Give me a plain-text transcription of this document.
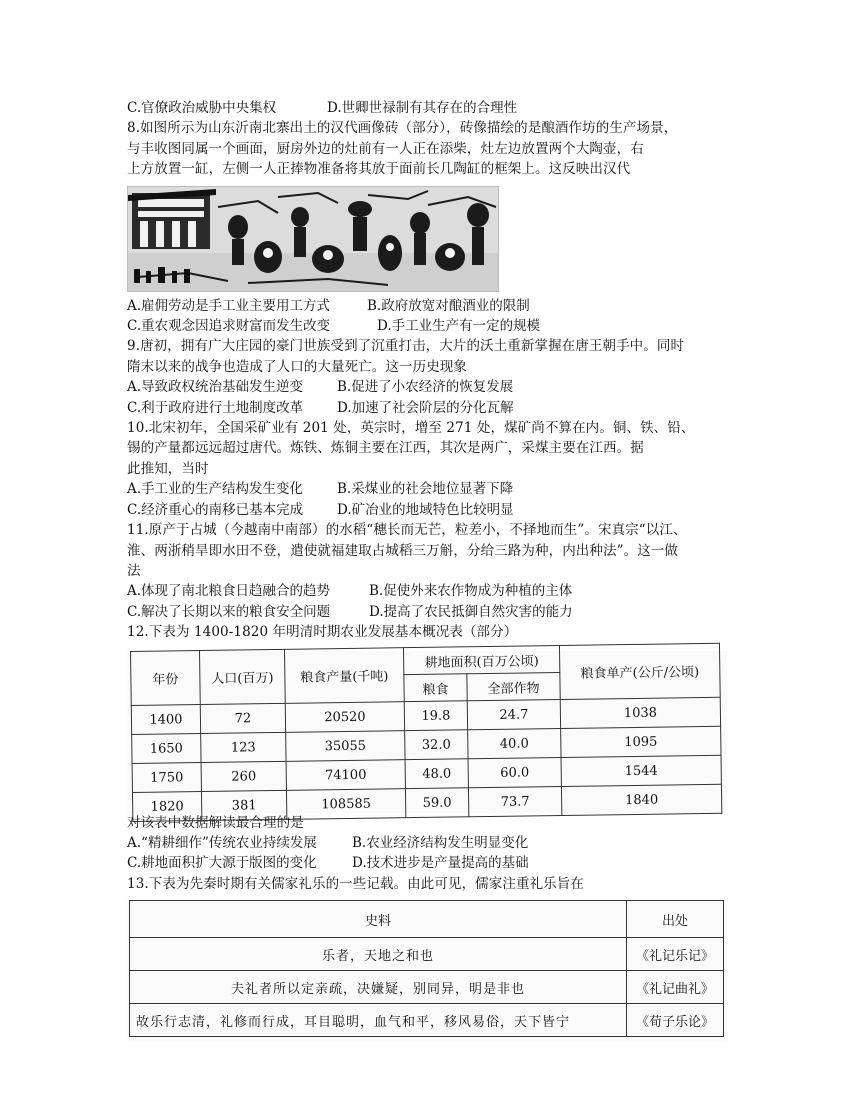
C.官僚政治威胁中央集权	D.世卿世禄制有其存在的合理性
8.如图所示为山东沂南北寨出土的汉代画像砖（部分），砖像描绘的是酿酒作坊的生产场景，
与丰收图同属一个画面，厨房外边的灶前有一人正在添柴，灶左边放置两个大陶壶，右
上方放置一缸，左侧一人正捧物准备将其放于面前长几陶缸的框架上。这反映出汉代
A.雇佣劳动是手工业主要用工方式	B.政府放宽对酿酒业的限制
C.重农观念因追求财富而发生改变	D.手工业生产有一定的规模
9.唐初，拥有广大庄园的豪门世族受到了沉重打击，大片的沃土重新掌握在唐王朝手中。同时
隋末以来的战争也造成了人口的大量死亡。这一历史现象
A.导致政权统治基础发生逆变	B.促进了小农经济的恢复发展
C.利于政府进行土地制度改革	D.加速了社会阶层的分化瓦解
10.北宋初年，全国采矿业有 201 处，英宗时，增至 271 处，煤矿尚不算在内。铜、铁、铅、
锡的产量都远远超过唐代。炼铁、炼铜主要在江西，其次是两广，采煤主要在江西。据
此推知，当时
A.手工业的生产结构发生变化	B.采煤业的社会地位显著下降
C.经济重心的南移已基本完成	D.矿冶业的地域特色比较明显
11.原产于占城（今越南中南部）的水稻“穗长而无芒，粒差小，不择地而生”。宋真宗“以江、
淮、两浙稍旱即水田不登，遣使就福建取占城稻三万斛，分给三路为种，内出种法”。这一做
法
A.体现了南北粮食日趋融合的趋势	B.促使外来农作物成为种植的主体
C.解决了长期以来的粮食安全问题	D.提高了农民抵御自然灾害的能力
12.下表为 1400-1820 年明清时期农业发展基本概况表（部分）
年份	人口(百万)	粮食产量(千吨)	耕地面积(百万公顷)		粮食单产(公斤/公顷)
			粮食	全部作物	
1400	72	20520	19.8	24.7	1038
1650	123	35055	32.0	40.0	1095
1750	260	74100	48.0	60.0	1544
1820	381	108585	59.0	73.7	1840
对该表中数据解读最合理的是
A.“精耕细作”传统农业持续发展	B.农业经济结构发生明显变化
C.耕地面积扩大源于版图的变化	D.技术进步是产量提高的基础
13.下表为先秦时期有关儒家礼乐的一些记载。由此可见，儒家注重礼乐旨在
史料	出处
乐者，天地之和也	《礼记乐记》
夫礼者所以定亲疏，决嫌疑，别同异，明是非也	《礼记曲礼》
故乐行志清，礼修而行成，耳目聪明，血气和平，移风易俗，天下皆宁	《荀子乐论》
